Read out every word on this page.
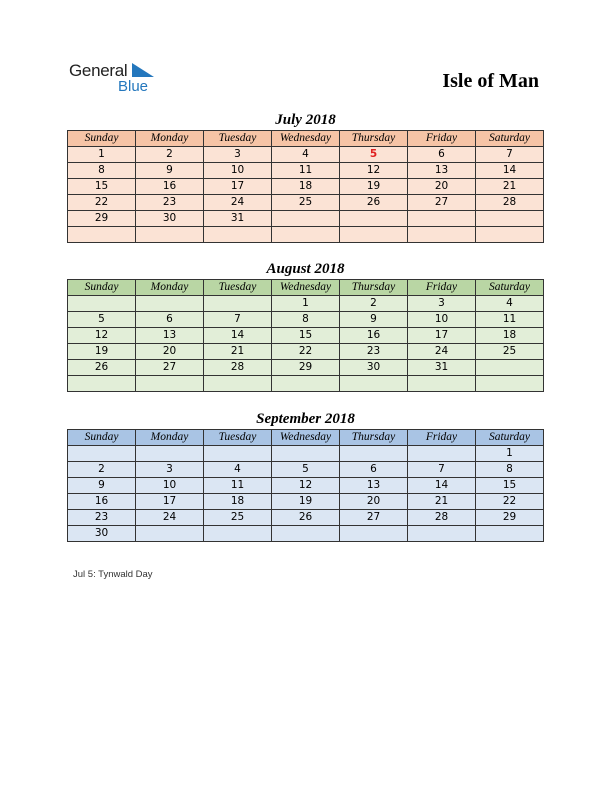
General
Blue	Isle of Man
July 2018
Sunday	Monday	Tuesday	Wednesday	Thursday	Friday	Saturday
1	2	3	4	5	6	7
8	9	10	11	12	13	14
15	16	17	18	19	20	21
22	23	24	25	26	27	28
29	30	31				

August 2018
Sunday	Monday	Tuesday	Wednesday	Thursday	Friday	Saturday
			1	2	3	4
5	6	7	8	9	10	11
12	13	14	15	16	17	18
19	20	21	22	23	24	25
26	27	28	29	30	31	

September 2018
Sunday	Monday	Tuesday	Wednesday	Thursday	Friday	Saturday
						1
2	3	4	5	6	7	8
9	10	11	12	13	14	15
16	17	18	19	20	21	22
23	24	25	26	27	28	29
30						
Jul 5: Tynwald Day
